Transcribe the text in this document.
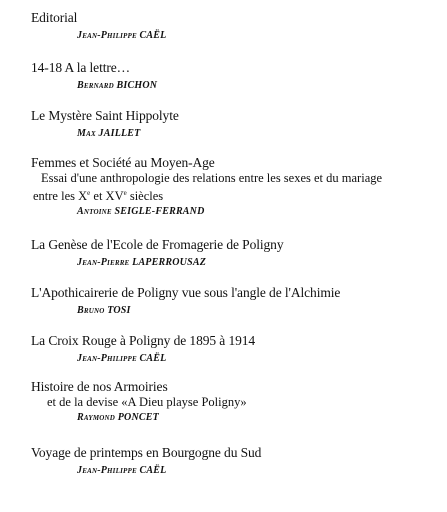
Editorial
Jean-Philippe CAËL
14-18 A la lettre…
Bernard BICHON
Le Mystère Saint Hippolyte
Max JAILLET
Femmes et Société au Moyen-Age
Essai d'une anthropologie des relations entre les sexes et du mariage
entre les Xe et XVe siècles
Antoine SEIGLE-FERRAND
La Genèse de l'Ecole de Fromagerie de Poligny
Jean-Pierre LAPERROUSAZ
L'Apothicairerie de Poligny vue sous l'angle de l'Alchimie
Bruno TOSI
La Croix Rouge à Poligny de 1895 à 1914
Jean-Philippe CAËL
Histoire de nos Armoiries
et de la devise «A Dieu playse Poligny»
Raymond PONCET
Voyage de printemps en Bourgogne du Sud
Jean-Philippe CAËL
